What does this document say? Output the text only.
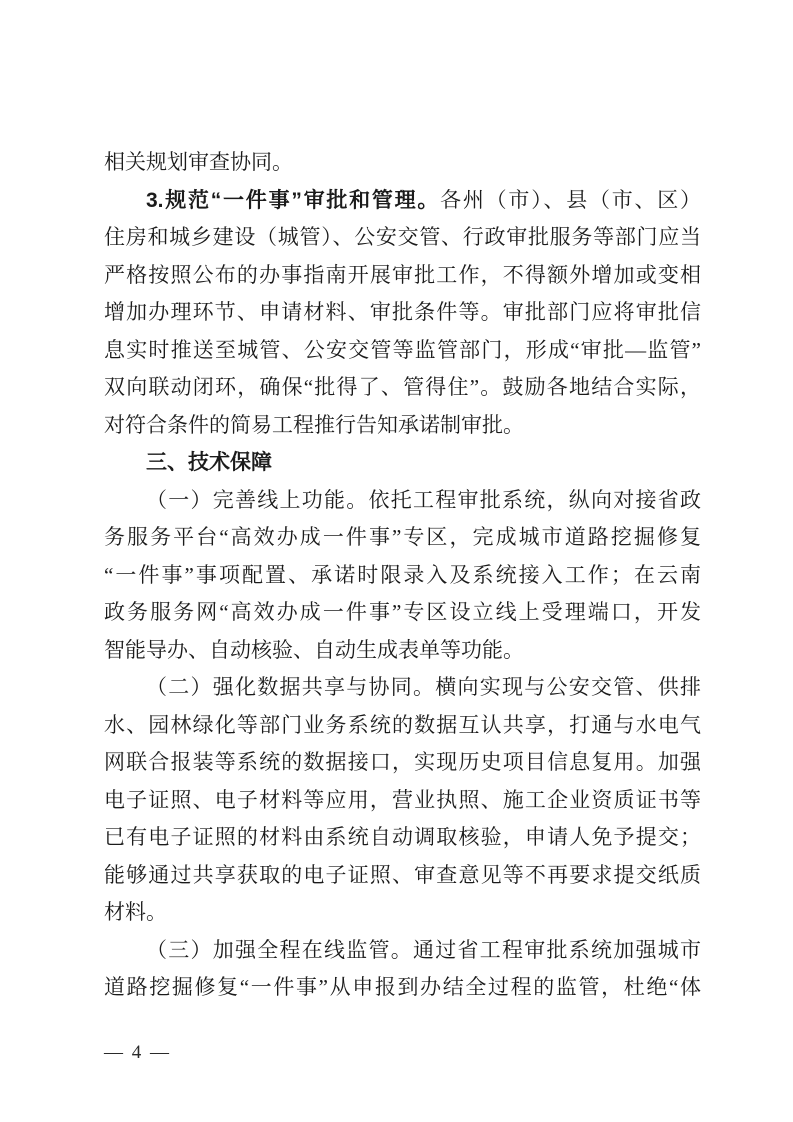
相关规划审查协同。
3.规范“一件事”审批和管理。各州（市）、县（市、区）
住房和城乡建设（城管）、公安交管、行政审批服务等部门应当
严格按照公布的办事指南开展审批工作，不得额外增加或变相
增加办理环节、申请材料、审批条件等。审批部门应将审批信
息实时推送至城管、公安交管等监管部门，形成“审批—监管”
双向联动闭环，确保“批得了、管得住”。鼓励各地结合实际，
对符合条件的简易工程推行告知承诺制审批。
三、技术保障
（一）完善线上功能。依托工程审批系统，纵向对接省政
务服务平台“高效办成一件事”专区，完成城市道路挖掘修复
“一件事”事项配置、承诺时限录入及系统接入工作；在云南
政务服务网“高效办成一件事”专区设立线上受理端口，开发
智能导办、自动核验、自动生成表单等功能。
（二）强化数据共享与协同。横向实现与公安交管、供排
水、园林绿化等部门业务系统的数据互认共享，打通与水电气
网联合报装等系统的数据接口，实现历史项目信息复用。加强
电子证照、电子材料等应用，营业执照、施工企业资质证书等
已有电子证照的材料由系统自动调取核验，申请人免予提交；
能够通过共享获取的电子证照、审查意见等不再要求提交纸质
材料。
（三）加强全程在线监管。通过省工程审批系统加强城市
道路挖掘修复“一件事”从申报到办结全过程的监管，杜绝“体
— 4 —
